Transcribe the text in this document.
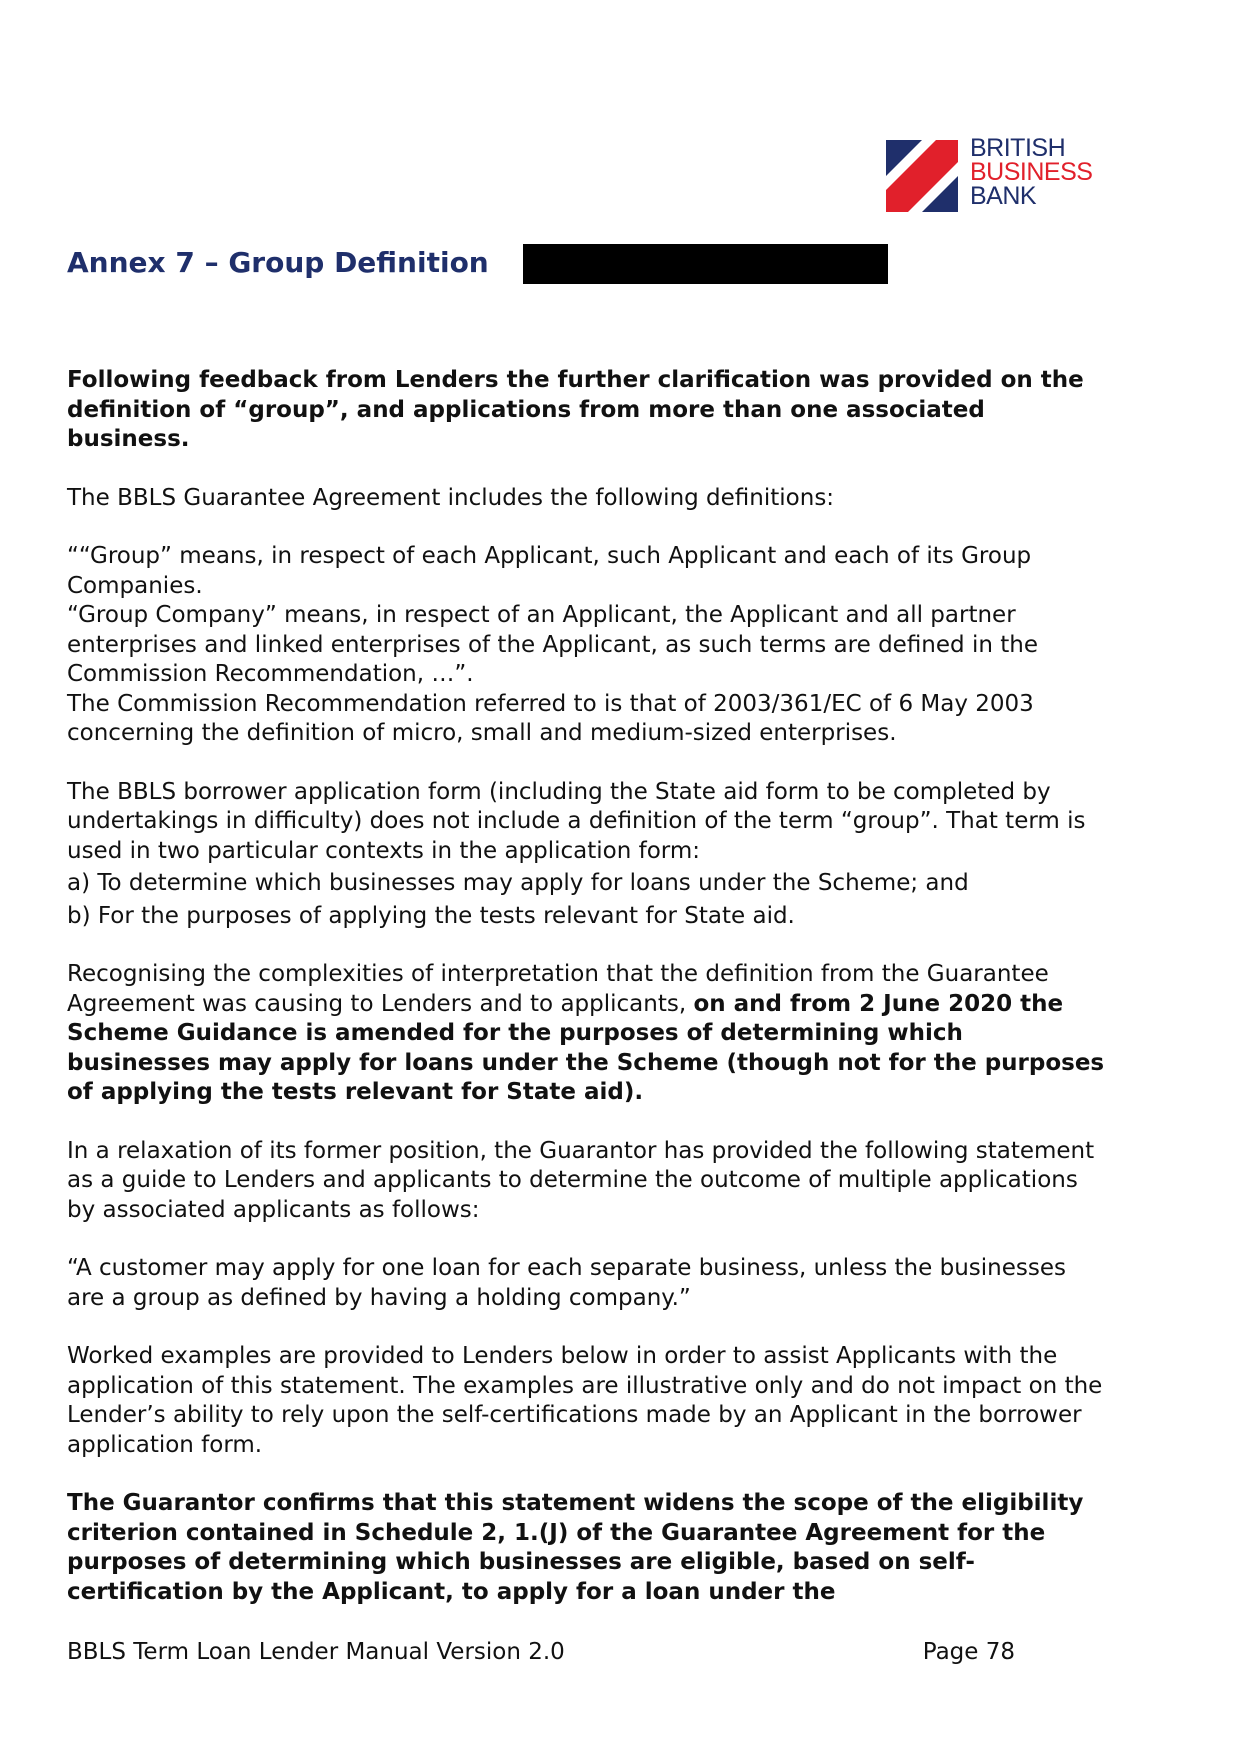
BRITISH
BUSINESS
BANK
Annex 7 – Group Definition

Following feedback from Lenders the further clarification was provided on the definition of “group”, and applications from more than one associated business.

The BBLS Guarantee Agreement includes the following definitions:

““Group” means, in respect of each Applicant, such Applicant and each of its Group Companies.

“Group Company” means, in respect of an Applicant, the Applicant and all partner enterprises and linked enterprises of the Applicant, as such terms are defined in the Commission Recommendation, …”.

The Commission Recommendation referred to is that of 2003/361/EC of 6 May 2003 concerning the definition of micro, small and medium-sized enterprises.

The BBLS borrower application form (including the State aid form to be completed by undertakings in difficulty) does not include a definition of the term “group”. That term is used in two particular contexts in the application form:

a) To determine which businesses may apply for loans under the Scheme; and

b) For the purposes of applying the tests relevant for State aid.

Recognising the complexities of interpretation that the definition from the Guarantee Agreement was causing to Lenders and to applicants, on and from 2 June 2020 the Scheme Guidance is amended for the purposes of determining which businesses may apply for loans under the Scheme (though not for the purposes of applying the tests relevant for State aid).

In a relaxation of its former position, the Guarantor has provided the following statement as a guide to Lenders and applicants to determine the outcome of multiple applications by associated applicants as follows:

“A customer may apply for one loan for each separate business, unless the businesses are a group as defined by having a holding company.”

Worked examples are provided to Lenders below in order to assist Applicants with the application of this statement. The examples are illustrative only and do not impact on the Lender’s ability to rely upon the self-certifications made by an Applicant in the borrower application form.

The Guarantor confirms that this statement widens the scope of the eligibility criterion contained in Schedule 2, 1.(J) of the Guarantee Agreement for the purposes of determining which businesses are eligible, based on self-certification by the Applicant, to apply for a loan under the

BBLS Term Loan Lender Manual Version 2.0	Page 78
